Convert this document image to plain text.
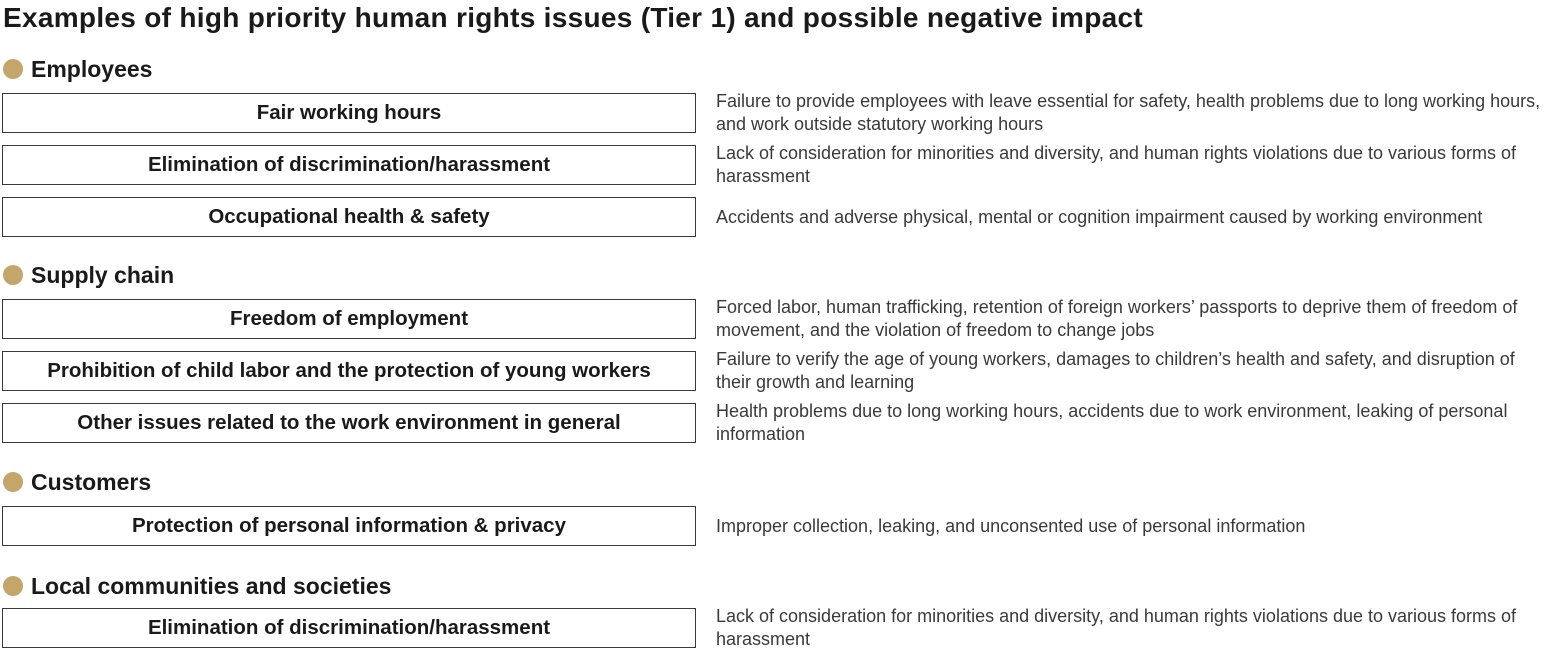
Examples of high priority human rights issues (Tier 1) and possible negative impact
Employees
Fair working hours	Failure to provide employees with leave essential for safety, health problems due to long working hours, and work outside statutory working hours
Elimination of discrimination/harassment	Lack of consideration for minorities and diversity, and human rights violations due to various forms of harassment
Occupational health & safety	Accidents and adverse physical, mental or cognition impairment caused by working environment
Supply chain
Freedom of employment	Forced labor, human trafficking, retention of foreign workers’ passports to deprive them of freedom of movement, and the violation of freedom to change jobs
Prohibition of child labor and the protection of young workers	Failure to verify the age of young workers, damages to children’s health and safety, and disruption of their growth and learning
Other issues related to the work environment in general	Health problems due to long working hours, accidents due to work environment, leaking of personal information
Customers
Protection of personal information & privacy	Improper collection, leaking, and unconsented use of personal information
Local communities and societies
Elimination of discrimination/harassment	Lack of consideration for minorities and diversity, and human rights violations due to various forms of harassment
